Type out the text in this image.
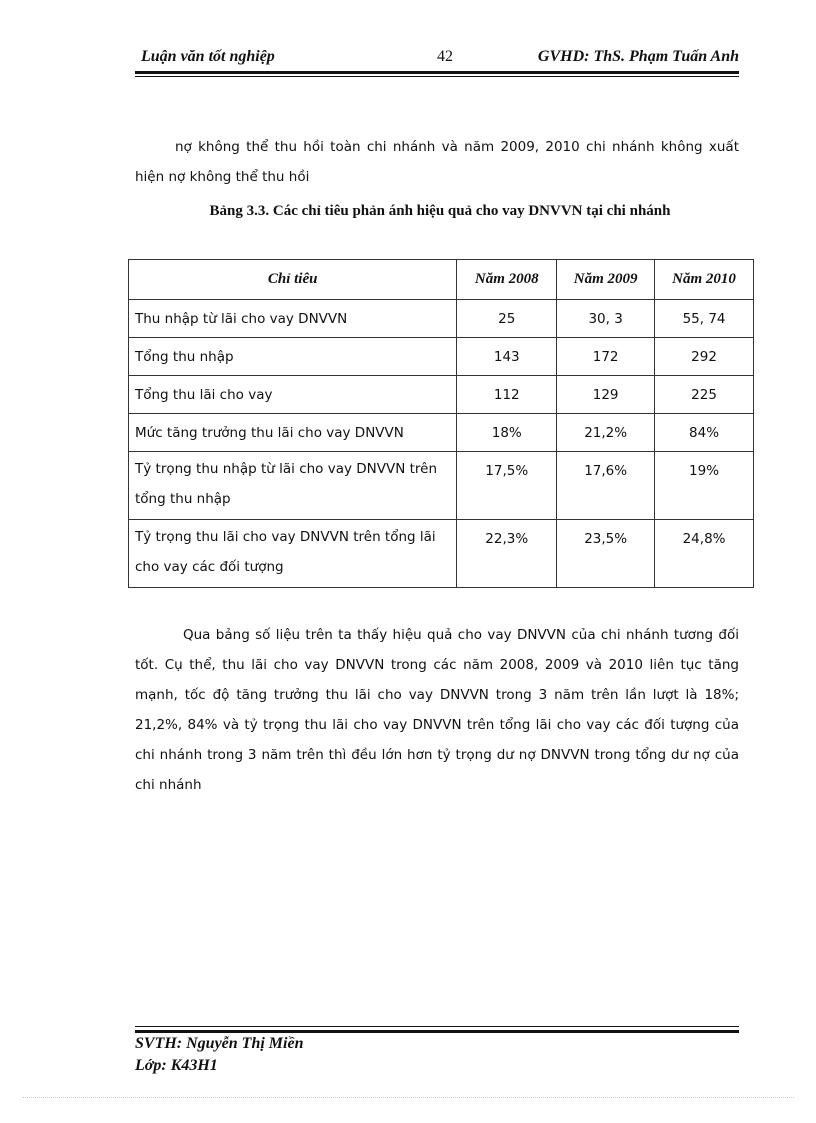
Luận văn tốt nghiệp	42	GVHD: ThS. Phạm Tuấn Anh

nợ không thể thu hồi toàn chi nhánh và năm 2009, 2010 chi nhánh không xuất hiện nợ không thể thu hồi

Bảng 3.3. Các chỉ tiêu phản ánh hiệu quả cho vay DNVVN tại chi nhánh
Chỉ tiêu	Năm 2008	Năm 2009	Năm 2010
Thu nhập từ lãi cho vay DNVVN	25	30, 3	55, 74
Tổng thu nhập	143	172	292
Tổng thu lãi cho vay	112	129	225
Mức tăng trưởng thu lãi cho vay DNVVN	18%	21,2%	84%
Tỷ trọng thu nhập từ lãi cho vay DNVVN trên tổng thu nhập	17,5%	17,6%	19%
Tỷ trọng thu lãi cho vay DNVVN trên tổng lãi cho vay các đối tượng	22,3%	23,5%	24,8%

Qua bảng số liệu trên ta thấy hiệu quả cho vay DNVVN của chi nhánh tương đối tốt. Cụ thể, thu lãi cho vay DNVVN trong các năm 2008, 2009 và 2010 liên tục tăng mạnh, tốc độ tăng trưởng thu lãi cho vay DNVVN trong 3 năm trên lần lượt là 18%; 21,2%, 84% và tỷ trọng thu lãi cho vay DNVVN trên tổng lãi cho vay các đối tượng của chi nhánh trong 3 năm trên thì đều lớn hơn tỷ trọng dư nợ DNVVN trong tổng dư nợ của chi nhánh

SVTH: Nguyễn Thị Miền
Lớp: K43H1
